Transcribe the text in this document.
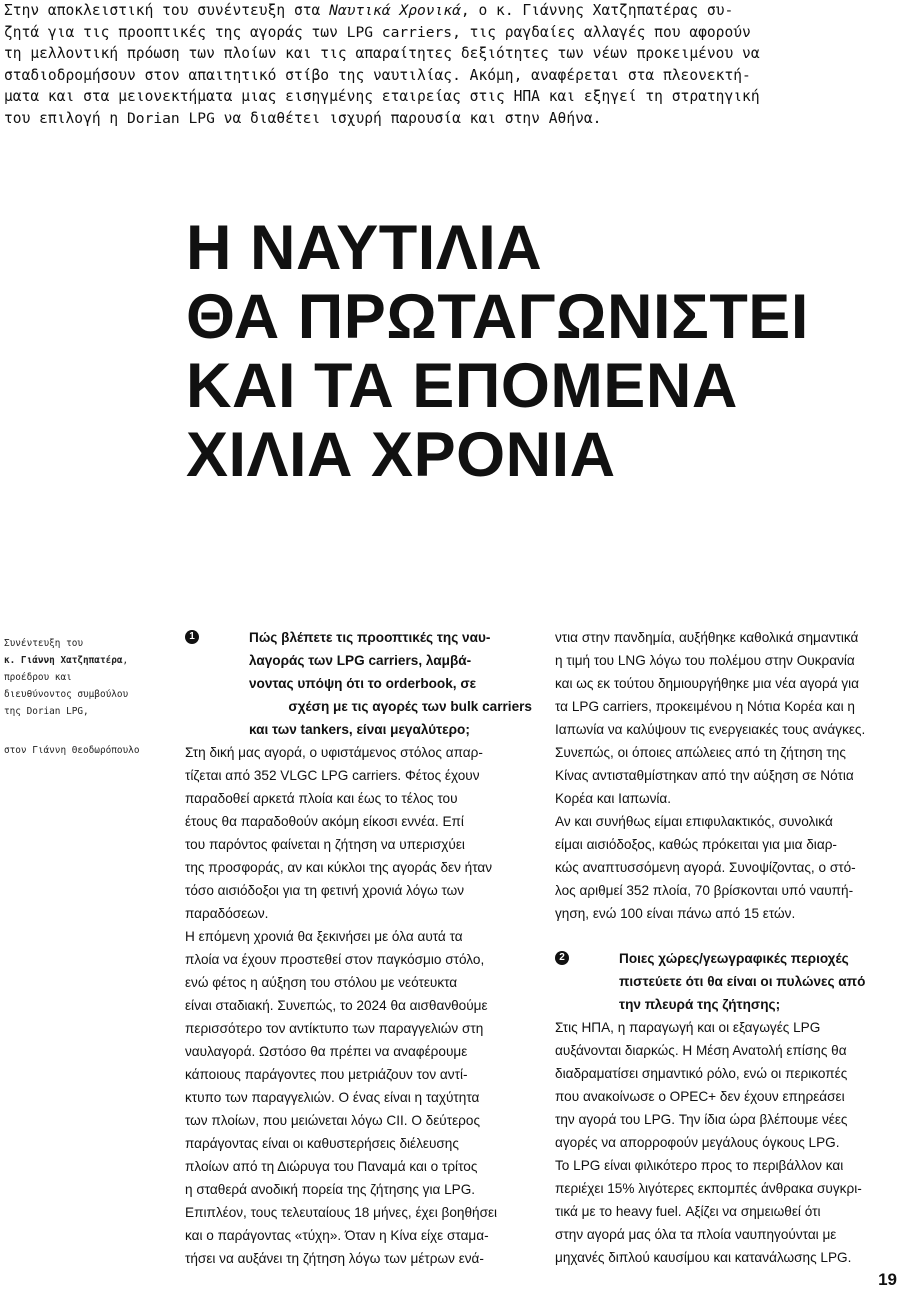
Στην αποκλειστική του συνέντευξη στα Ναυτικά Χρονικά, ο κ. Γιάννης Χατζηπατέρας συ-
ζητά για τις προοπτικές της αγοράς των LPG carriers, τις ραγδαίες αλλαγές που αφορούν
τη μελλοντική πρόωση των πλοίων και τις απαραίτητες δεξιότητες των νέων προκειμένου να
σταδιοδρομήσουν στον απαιτητικό στίβο της ναυτιλίας. Ακόμη, αναφέρεται στα πλεονεκτή-
ματα και στα μειονεκτήματα μιας εισηγμένης εταιρείας στις ΗΠΑ και εξηγεί τη στρατηγική
του επιλογή η Dorian LPG να διαθέτει ισχυρή παρουσία και στην Αθήνα.
Η ΝΑΥΤΙΛΙΑ
ΘΑ ΠΡΩΤΑΓΩΝΙΣΤΕΙ
ΚΑΙ ΤΑ ΕΠΟΜΕΝΑ
ΧΙΛΙΑ ΧΡΟΝΙΑ
Συνέντευξη του
κ. Γιάννη Χατζηπατέρα,
προέδρου και
διευθύνοντος συμβούλου
της Dorian LPG,
στον Γιάννη Θεοδωρόπουλο
1	Πώς βλέπετε τις προοπτικές της ναυ-
λαγοράς των LPG carriers, λαμβά-
νοντας υπόψη ότι το orderbook, σε
σχέση με τις αγορές των bulk carriers
και των tankers, είναι μεγαλύτερο;

Στη δική μας αγορά, ο υφιστάμενος στόλος απαρ-
τίζεται από 352 VLGC LPG carriers. Φέτος έχουν
παραδοθεί αρκετά πλοία και έως το τέλος του
έτους θα παραδοθούν ακόμη είκοσι εννέα. Επί
του παρόντος φαίνεται η ζήτηση να υπερισχύει
της προσφοράς, αν και κύκλοι της αγοράς δεν ήταν
τόσο αισιόδοξοι για τη φετινή χρονιά λόγω των
παραδόσεων.
Η επόμενη χρονιά θα ξεκινήσει με όλα αυτά τα
πλοία να έχουν προστεθεί στον παγκόσμιο στόλο,
ενώ φέτος η αύξηση του στόλου με νεότευκτα
είναι σταδιακή. Συνεπώς, το 2024 θα αισθανθούμε
περισσότερο τον αντίκτυπο των παραγγελιών στη
ναυλαγορά. Ωστόσο θα πρέπει να αναφέρουμε
κάποιους παράγοντες που μετριάζουν τον αντί-
κτυπο των παραγγελιών. Ο ένας είναι η ταχύτητα
των πλοίων, που μειώνεται λόγω CII. Ο δεύτερος
παράγοντας είναι οι καθυστερήσεις διέλευσης
πλοίων από τη Διώρυγα του Παναμά και ο τρίτος
η σταθερά ανοδική πορεία της ζήτησης για LPG.
Επιπλέον, τους τελευταίους 18 μήνες, έχει βοηθήσει
και ο παράγοντας «τύχη». Όταν η Κίνα είχε σταμα-
τήσει να αυξάνει τη ζήτηση λόγω των μέτρων ενά-

ντια στην πανδημία, αυξήθηκε καθολικά σημαντικά
η τιμή του LNG λόγω του πολέμου στην Ουκρανία
και ως εκ τούτου δημιουργήθηκε μια νέα αγορά για
τα LPG carriers, προκειμένου η Νότια Κορέα και η
Ιαπωνία να καλύψουν τις ενεργειακές τους ανάγκες.
Συνεπώς, οι όποιες απώλειες από τη ζήτηση της
Κίνας αντισταθμίστηκαν από την αύξηση σε Νότια
Κορέα και Ιαπωνία.
Αν και συνήθως είμαι επιφυλακτικός, συνολικά
είμαι αισιόδοξος, καθώς πρόκειται για μια διαρ-
κώς αναπτυσσόμενη αγορά. Συνοψίζοντας, ο στό-
λος αριθμεί 352 πλοία, 70 βρίσκονται υπό ναυπή-
γηση, ενώ 100 είναι πάνω από 15 ετών.

2	Ποιες χώρες/γεωγραφικές περιοχές
πιστεύετε ότι θα είναι οι πυλώνες από
την πλευρά της ζήτησης;

Στις ΗΠΑ, η παραγωγή και οι εξαγωγές LPG
αυξάνονται διαρκώς. Η Μέση Ανατολή επίσης θα
διαδραματίσει σημαντικό ρόλο, ενώ οι περικοπές
που ανακοίνωσε ο OPEC+ δεν έχουν επηρεάσει
την αγορά του LPG. Την ίδια ώρα βλέπουμε νέες
αγορές να απορροφούν μεγάλους όγκους LPG.
Το LPG είναι φιλικότερο προς το περιβάλλον και
περιέχει 15% λιγότερες εκπομπές άνθρακα συγκρι-
τικά με το heavy fuel. Αξίζει να σημειωθεί ότι
στην αγορά μας όλα τα πλοία ναυπηγούνται με
μηχανές διπλού καυσίμου και κατανάλωσης LPG.

19
